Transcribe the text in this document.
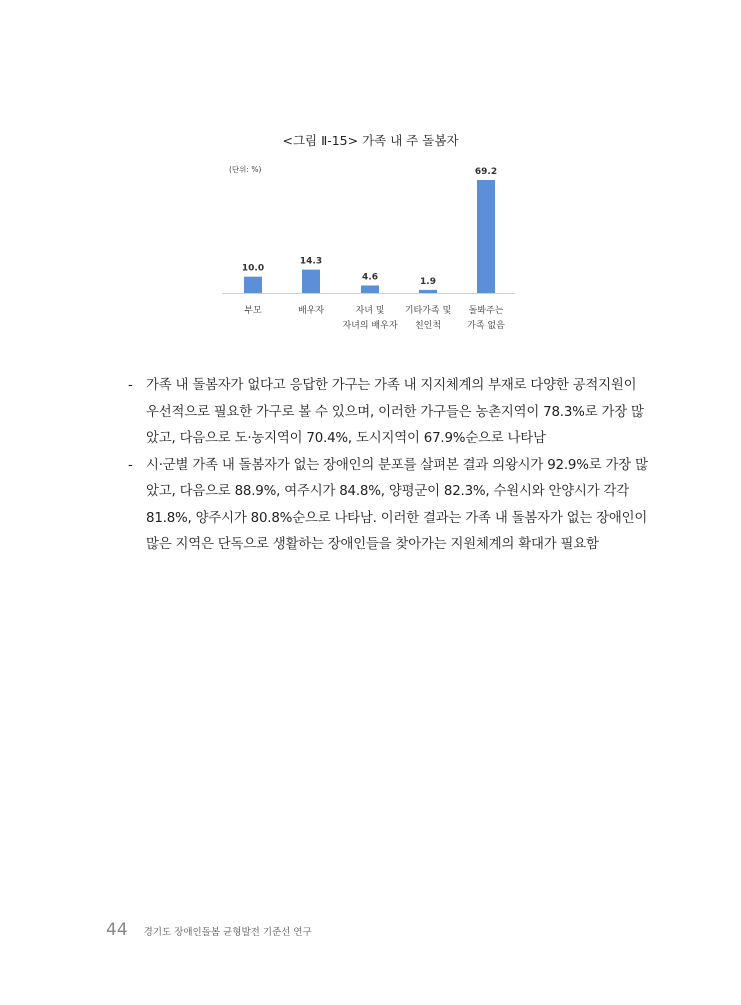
<그림 Ⅱ-15> 가족 내 주 돌봄자
(단위: %)
10.0
부모
14.3
배우자
4.6
자녀 및
자녀의 배우자
1.9
기타가족 및
친인척
69.2
돌봐주는
가족 없음
- 가족 내 돌봄자가 없다고 응답한 가구는 가족 내 지지체계의 부재로 다양한 공적지원이 우선적으로 필요한 가구로 볼 수 있으며, 이러한 가구들은 농촌지역이 78.3%로 가장 많았고, 다음으로 도·농지역이 70.4%, 도시지역이 67.9%순으로 나타남
- 시·군별 가족 내 돌봄자가 없는 장애인의 분포를 살펴본 결과 의왕시가 92.9%로 가장 많았고, 다음으로 88.9%, 여주시가 84.8%, 양평군이 82.3%, 수원시와 안양시가 각각 81.8%, 양주시가 80.8%순으로 나타남. 이러한 결과는 가족 내 돌봄자가 없는 장애인이 많은 지역은 단독으로 생활하는 장애인들을 찾아가는 지원체계의 확대가 필요함
44 경기도 장애인돌봄 균형발전 기준선 연구
